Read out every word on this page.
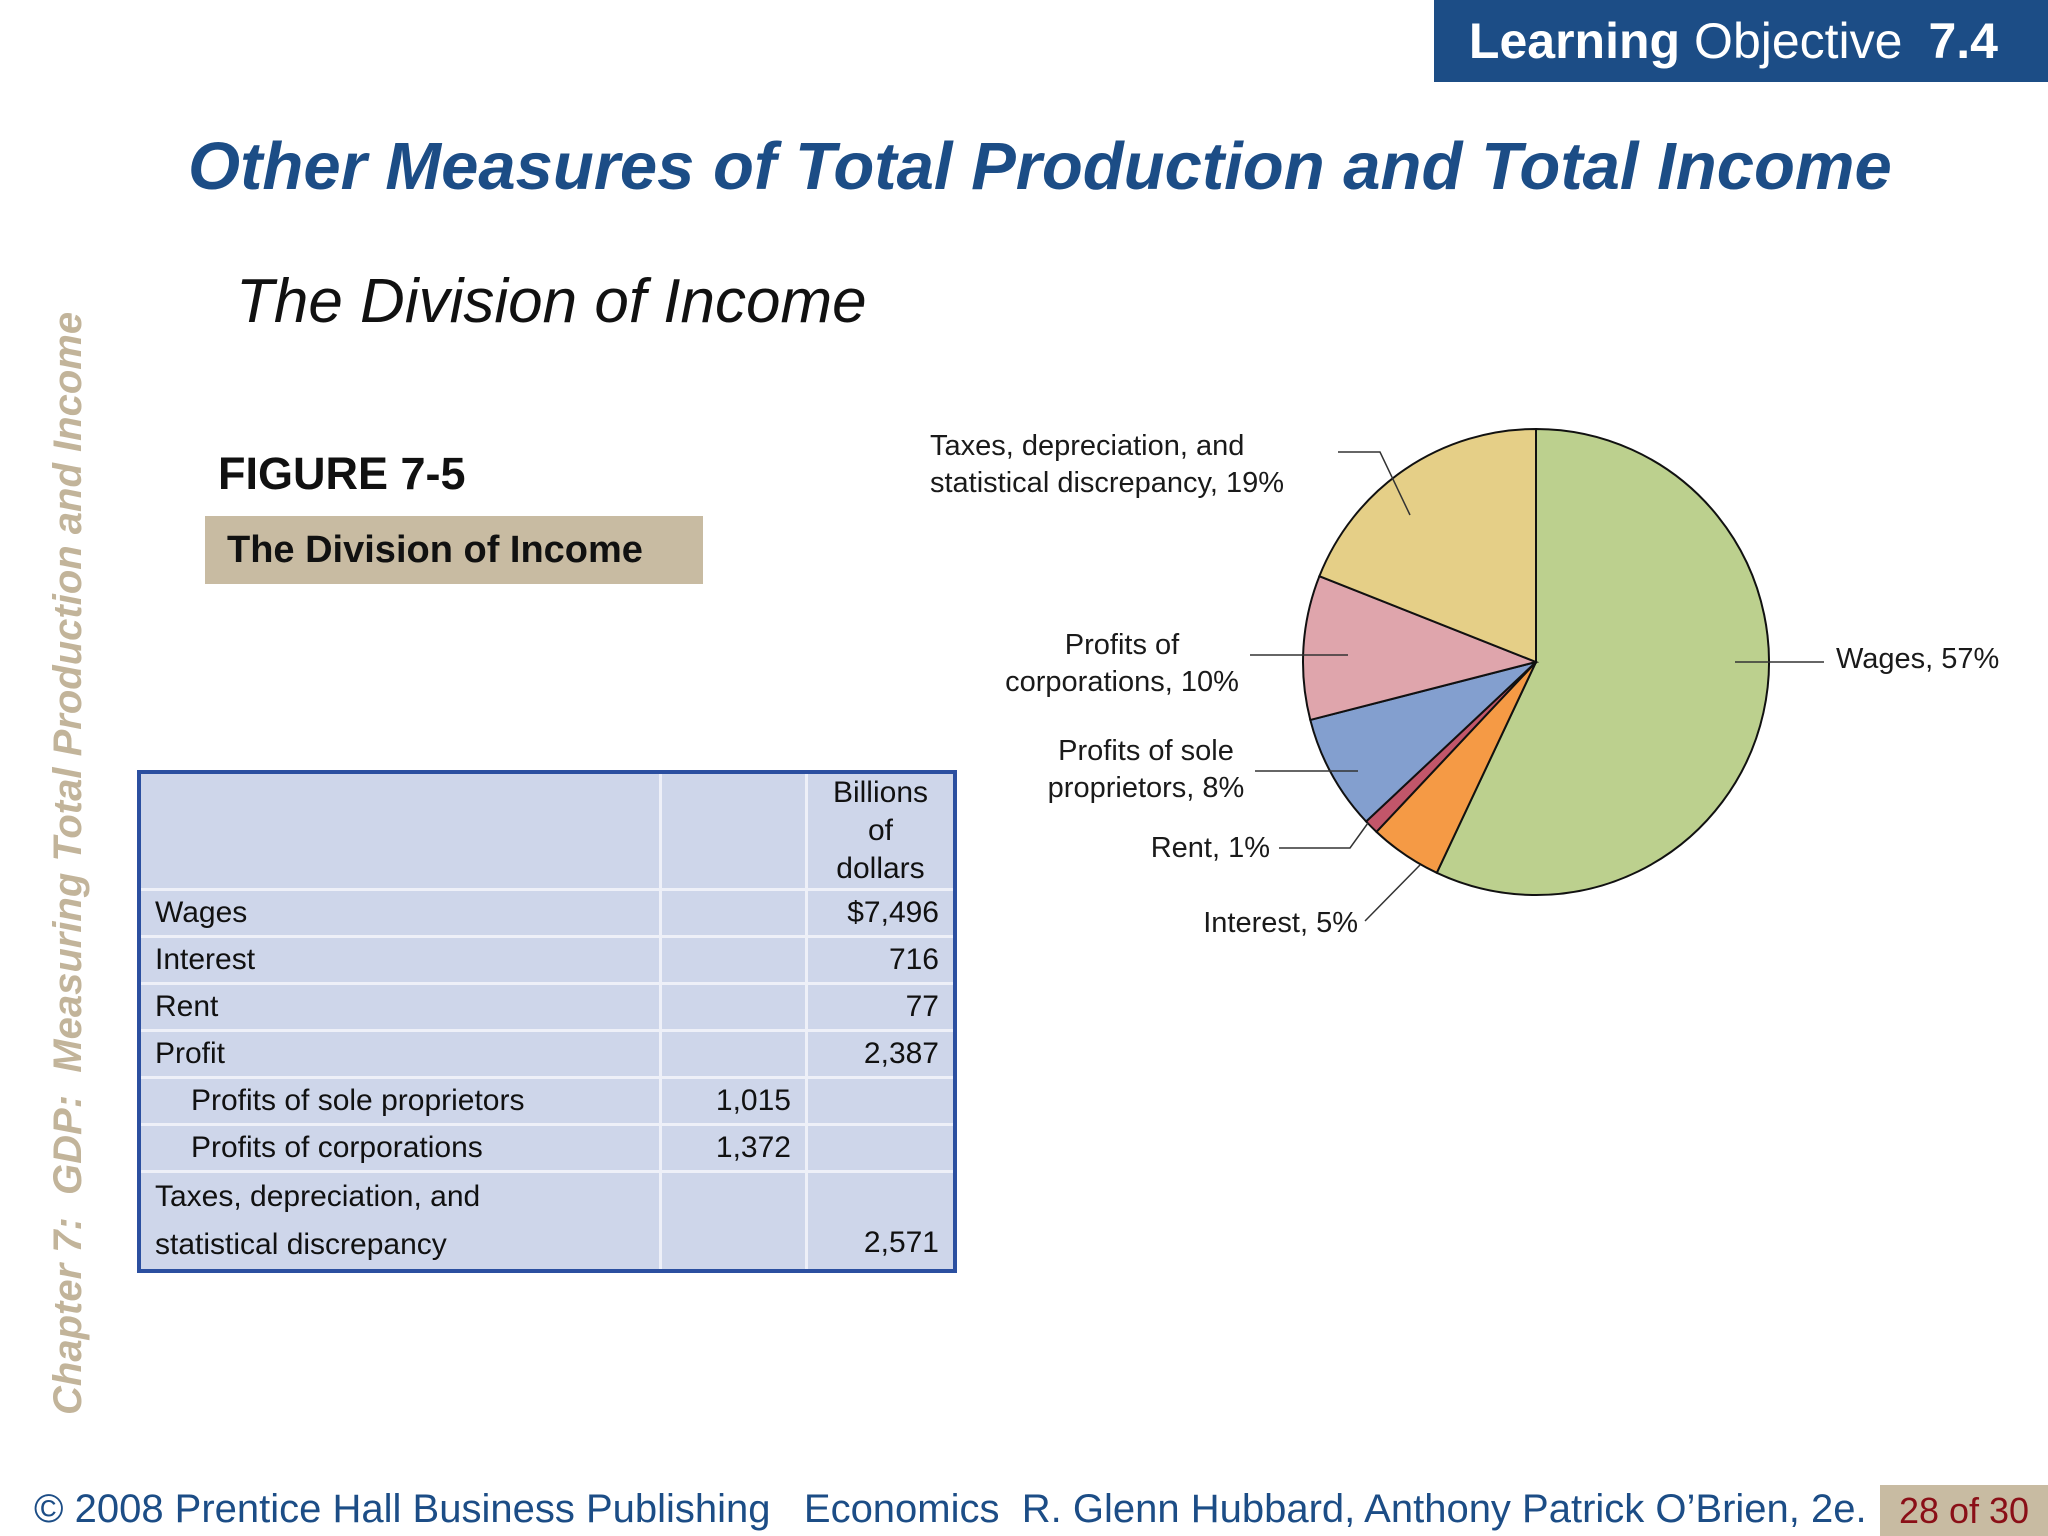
Learning Objective 7.4
Other Measures of Total Production and Total Income
The Division of Income
Chapter 7:  GDP:  Measuring Total Production and Income	FIGURE 7-5
The Division of Income

		Billions
of dollars

Wages		$7,496
Interest		716
Rent		77
Profit		2,387
Profits of sole proprietors	1,015	
Profits of corporations	1,372	

Taxes, depreciation, and
statistical discrepancy		2,571
Taxes, depreciation, and
statistical discrepancy, 19%
Profits of
corporations, 10%
Profits of sole
proprietors, 8%
Rent, 1%
Interest, 5%
Wages, 57%
© 2008 Prentice Hall Business Publishing   Economics  R. Glenn Hubbard, Anthony Patrick O’Brien, 2e. 28 of 30
